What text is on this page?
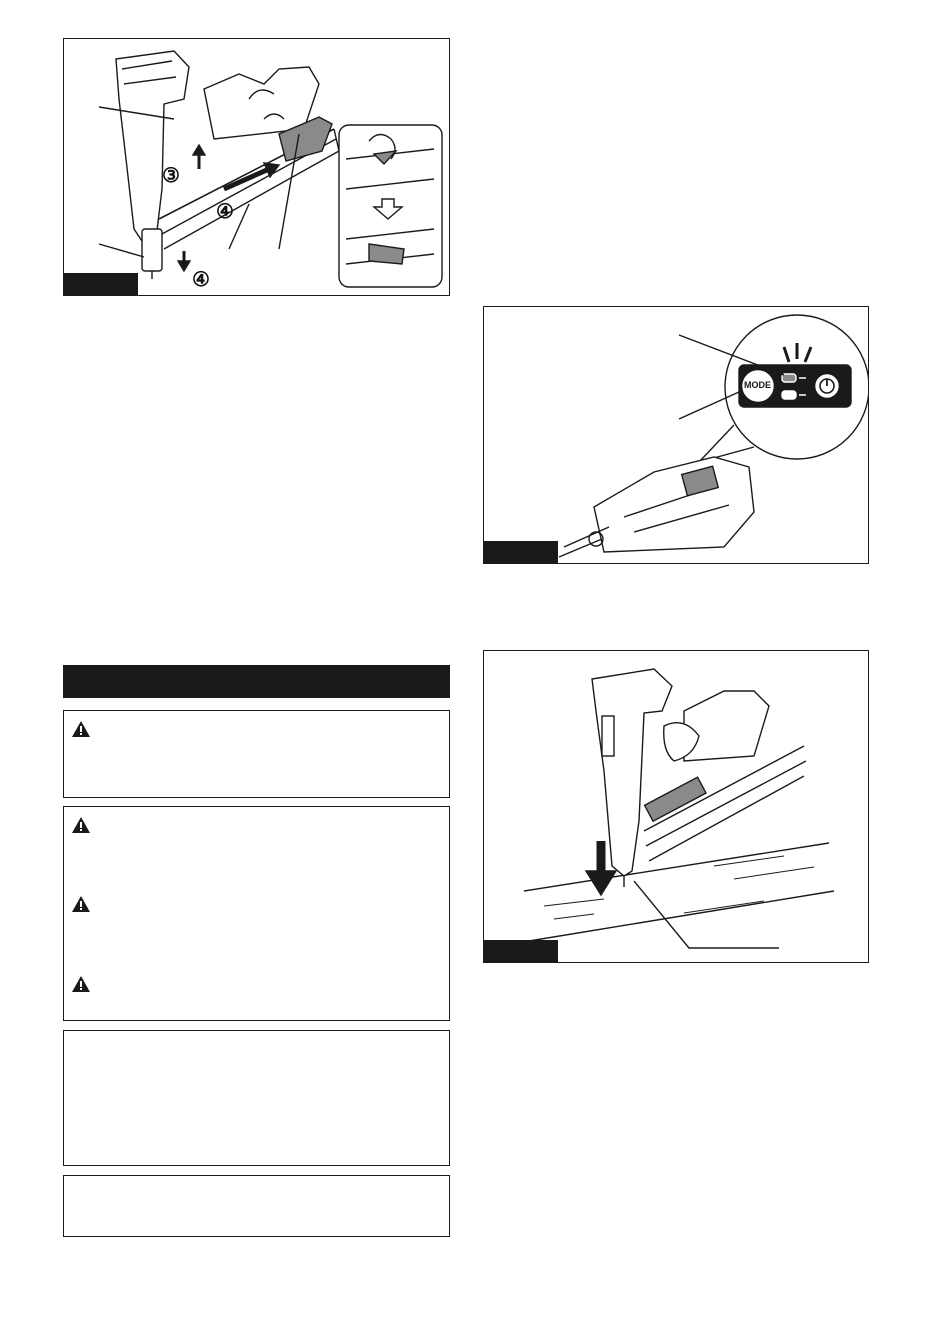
③
④
④
MODE
